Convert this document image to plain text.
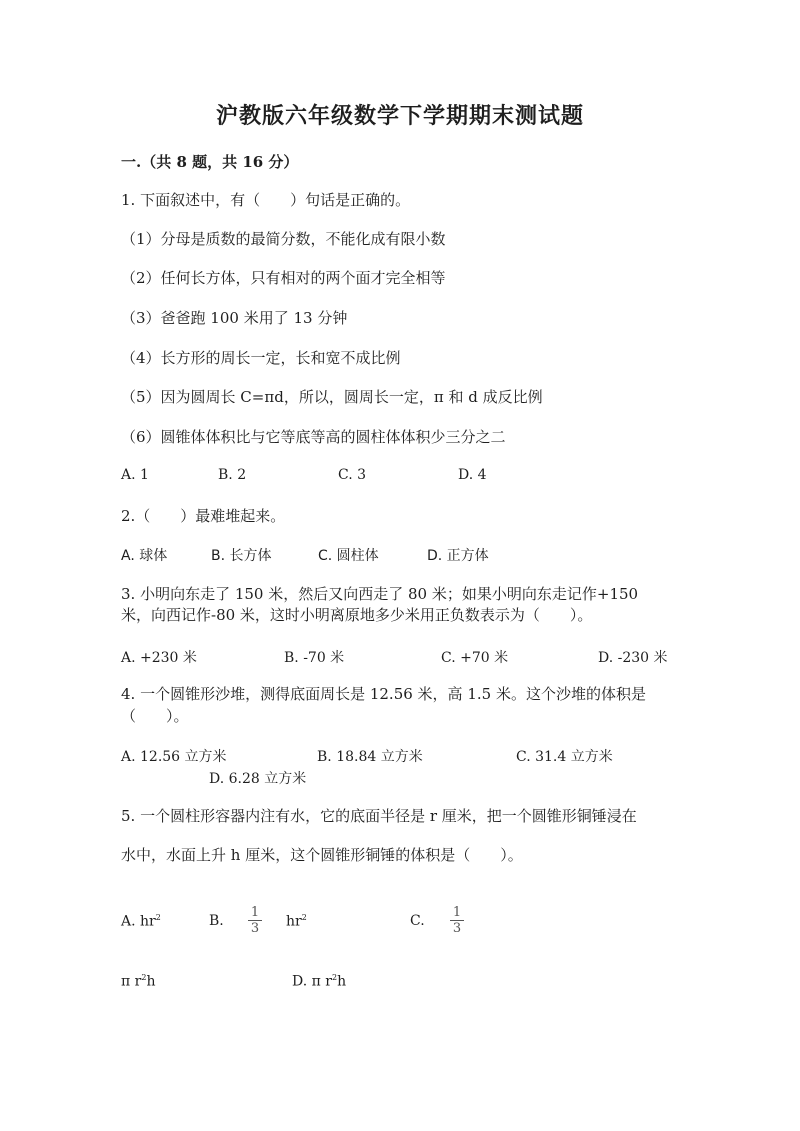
沪教版六年级数学下学期期末测试题
一.（共 8 题，共 16 分）
1. 下面叙述中，有（　　）句话是正确的。
（1）分母是质数的最简分数，不能化成有限小数
（2）任何长方体，只有相对的两个面才完全相等
（3）爸爸跑 100 米用了 13 分钟
（4）长方形的周长一定，长和宽不成比例
（5）因为圆周长 C=πd，所以，圆周长一定，π 和 d 成反比例
（6）圆锥体体积比与它等底等高的圆柱体体积少三分之二
A. 1	B. 2	C. 3	D. 4
2.（　　）最难堆起来。
A. 球体	B. 长方体	C. 圆柱体	D. 正方体
3. 小明向东走了 150 米，然后又向西走了 80 米；如果小明向东走记作+150
米，向西记作-80 米，这时小明离原地多少米用正负数表示为（　　）。
A. +230 米	B. -70 米	C. +70 米	D. -230 米
4. 一个圆锥形沙堆，测得底面周长是 12.56 米，高 1.5 米。这个沙堆的体积是
（　　）。
A. 12.56 立方米	B. 18.84 立方米	C. 31.4 立方米
D. 6.28 立方米
5. 一个圆柱形容器内注有水，它的底面半径是 r 厘米，把一个圆锥形铜锤浸在
水中，水面上升 h 厘米，这个圆锥形铜锤的体积是（　　）。
A. $hr^2$	B. $\frac{1}{3} hr^2$	C. $\frac{1}{3}$
π $r^2h$	D. π $r^2h$
